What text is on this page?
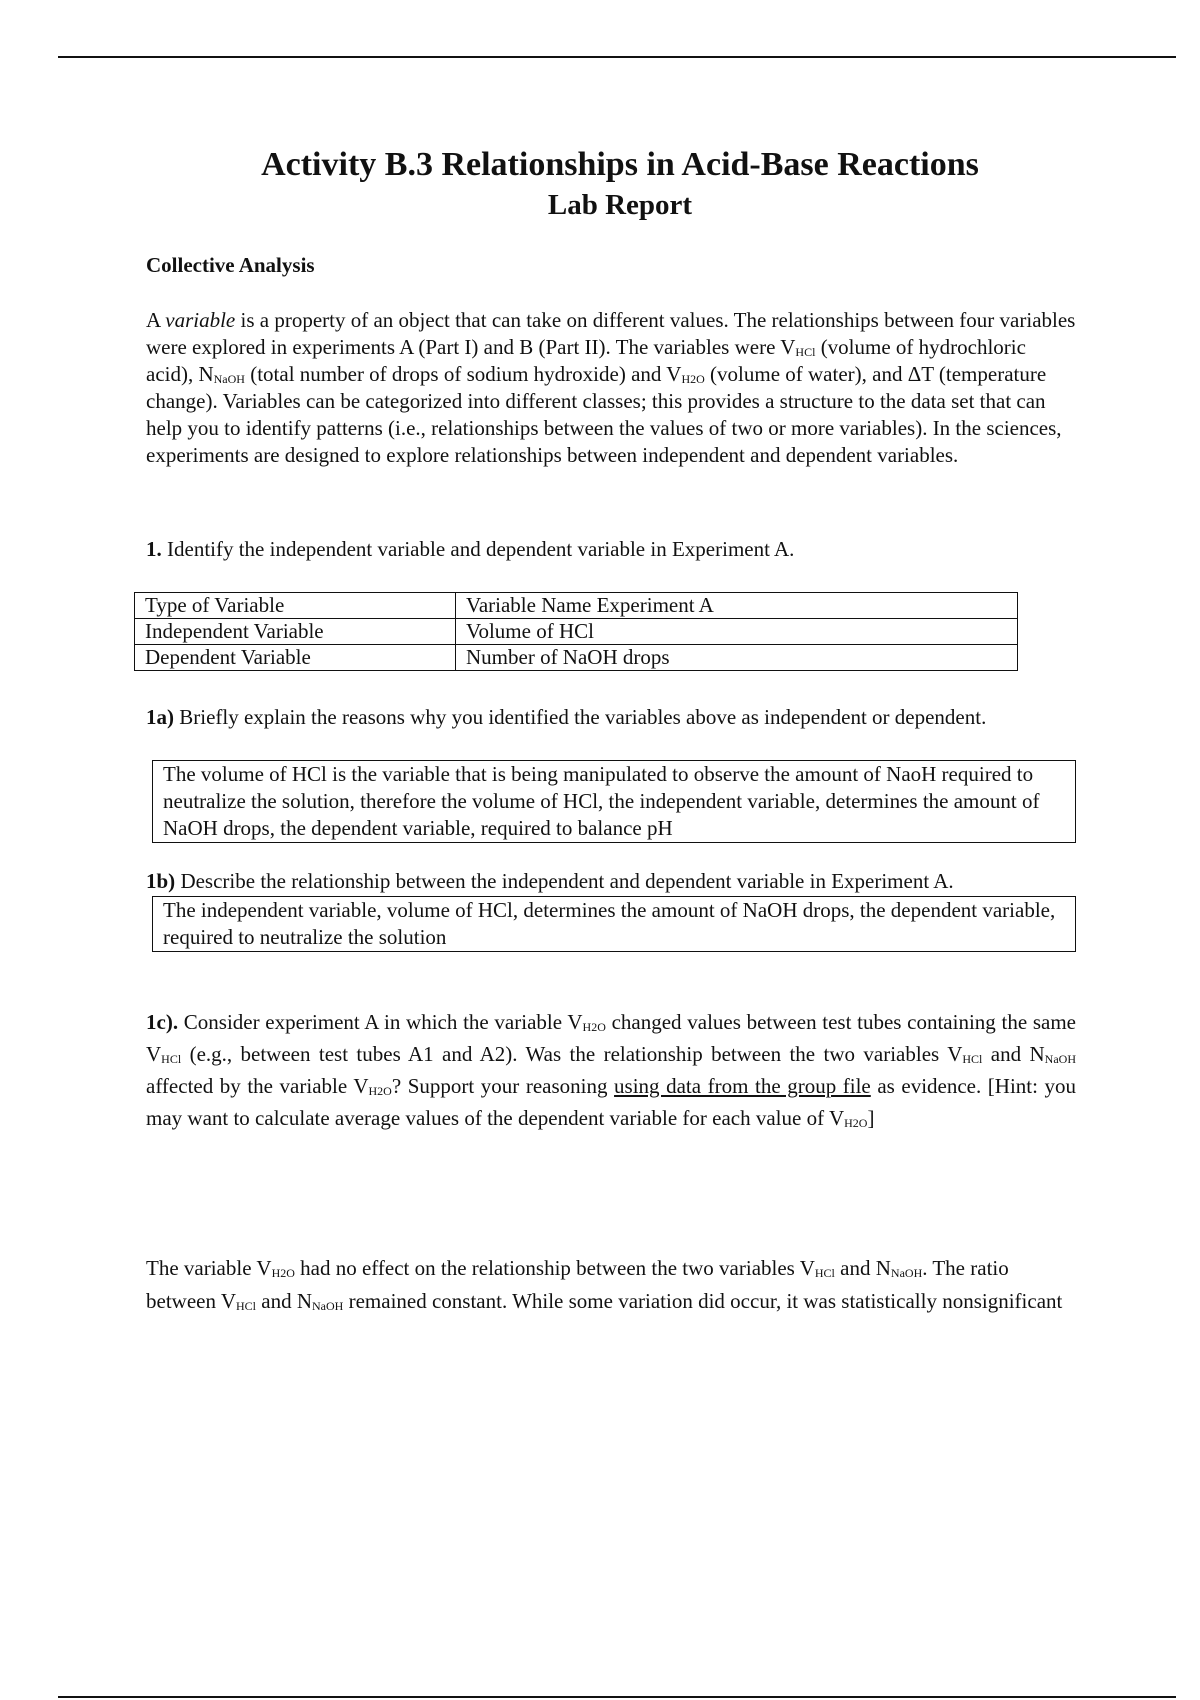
Activity B.3 Relationships in Acid-Base Reactions
Lab Report
Collective Analysis

A variable is a property of an object that can take on different values. The relationships between four variables were explored in experiments A (Part I) and B (Part II). The variables were $V_{HCl}$ (volume of hydrochloric acid), $N_{NaOH}$ (total number of drops of sodium hydroxide) and $V_{H2O}$ (volume of water), and ΔT (temperature change). Variables can be categorized into different classes; this provides a structure to the data set that can help you to identify patterns (i.e., relationships between the values of two or more variables). In the sciences, experiments are designed to explore relationships between independent and dependent variables.

1. Identify the independent variable and dependent variable in Experiment A.

Type of Variable	Variable Name Experiment A
Independent Variable	Volume of HCl
Dependent Variable	Number of NaOH drops

1a) Briefly explain the reasons why you identified the variables above as independent or dependent.

The volume of HCl is the variable that is being manipulated to observe the amount of NaoH required to neutralize the solution, therefore the volume of HCl, the independent variable, determines the amount of NaOH drops, the dependent variable, required to balance pH

1b) Describe the relationship between the independent and dependent variable in Experiment A.

The independent variable, volume of HCl, determines the amount of NaOH drops, the dependent variable, required to neutralize the solution

1c). Consider experiment A in which the variable $V_{H2O}$ changed values between test tubes containing the same $V_{HCl}$ (e.g., between test tubes A1 and A2). Was the relationship between the two variables $V_{HCl}$ and $N_{NaOH}$ affected by the variable $V_{H2O}$? Support your reasoning using data from the group file as evidence. [Hint: you may want to calculate average values of the dependent variable for each value of $V_{H2O}$]

The variable $V_{H2O}$ had no effect on the relationship between the two variables $V_{HCl}$ and $N_{NaOH}$. The ratio between $V_{HCl}$ and $N_{NaOH}$ remained constant. While some variation did occur, it was statistically nonsignificant
